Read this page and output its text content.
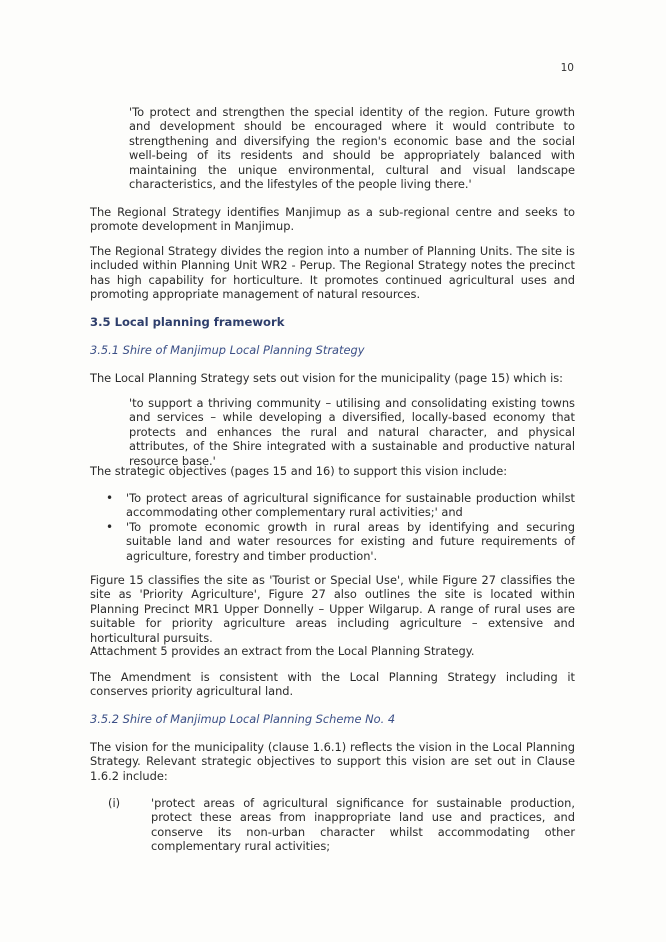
10
'To protect and strengthen the special identity of the region. Future growth and development should be encouraged where it would contribute to strengthening and diversifying the region's economic base and the social well-being of its residents and should be appropriately balanced with maintaining the unique environmental, cultural and visual landscape characteristics, and the lifestyles of the people living there.'
The Regional Strategy identifies Manjimup as a sub-regional centre and seeks to promote development in Manjimup.
The Regional Strategy divides the region into a number of Planning Units. The site is included within Planning Unit WR2 - Perup. The Regional Strategy notes the precinct has high capability for horticulture. It promotes continued agricultural uses and promoting appropriate management of natural resources.
3.5 Local planning framework
3.5.1 Shire of Manjimup Local Planning Strategy
The Local Planning Strategy sets out vision for the municipality (page 15) which is:
'to support a thriving community – utilising and consolidating existing towns and services – while developing a diversified, locally-based economy that protects and enhances the rural and natural character, and physical attributes, of the Shire integrated with a sustainable and productive natural resource base.'
The strategic objectives (pages 15 and 16) to support this vision include:
• 'To protect areas of agricultural significance for sustainable production whilst accommodating other complementary rural activities;' and
• 'To promote economic growth in rural areas by identifying and securing suitable land and water resources for existing and future requirements of agriculture, forestry and timber production'.
Figure 15 classifies the site as 'Tourist or Special Use', while Figure 27 classifies the site as 'Priority Agriculture', Figure 27 also outlines the site is located within Planning Precinct MR1 Upper Donnelly – Upper Wilgarup. A range of rural uses are suitable for priority agriculture areas including agriculture – extensive and horticultural pursuits.
Attachment 5 provides an extract from the Local Planning Strategy.
The Amendment is consistent with the Local Planning Strategy including it conserves priority agricultural land.
3.5.2 Shire of Manjimup Local Planning Scheme No. 4
The vision for the municipality (clause 1.6.1) reflects the vision in the Local Planning Strategy. Relevant strategic objectives to support this vision are set out in Clause 1.6.2 include:
(i)	'protect areas of agricultural significance for sustainable production, protect these areas from inappropriate land use and practices, and conserve its non-urban character whilst accommodating other complementary rural activities;
